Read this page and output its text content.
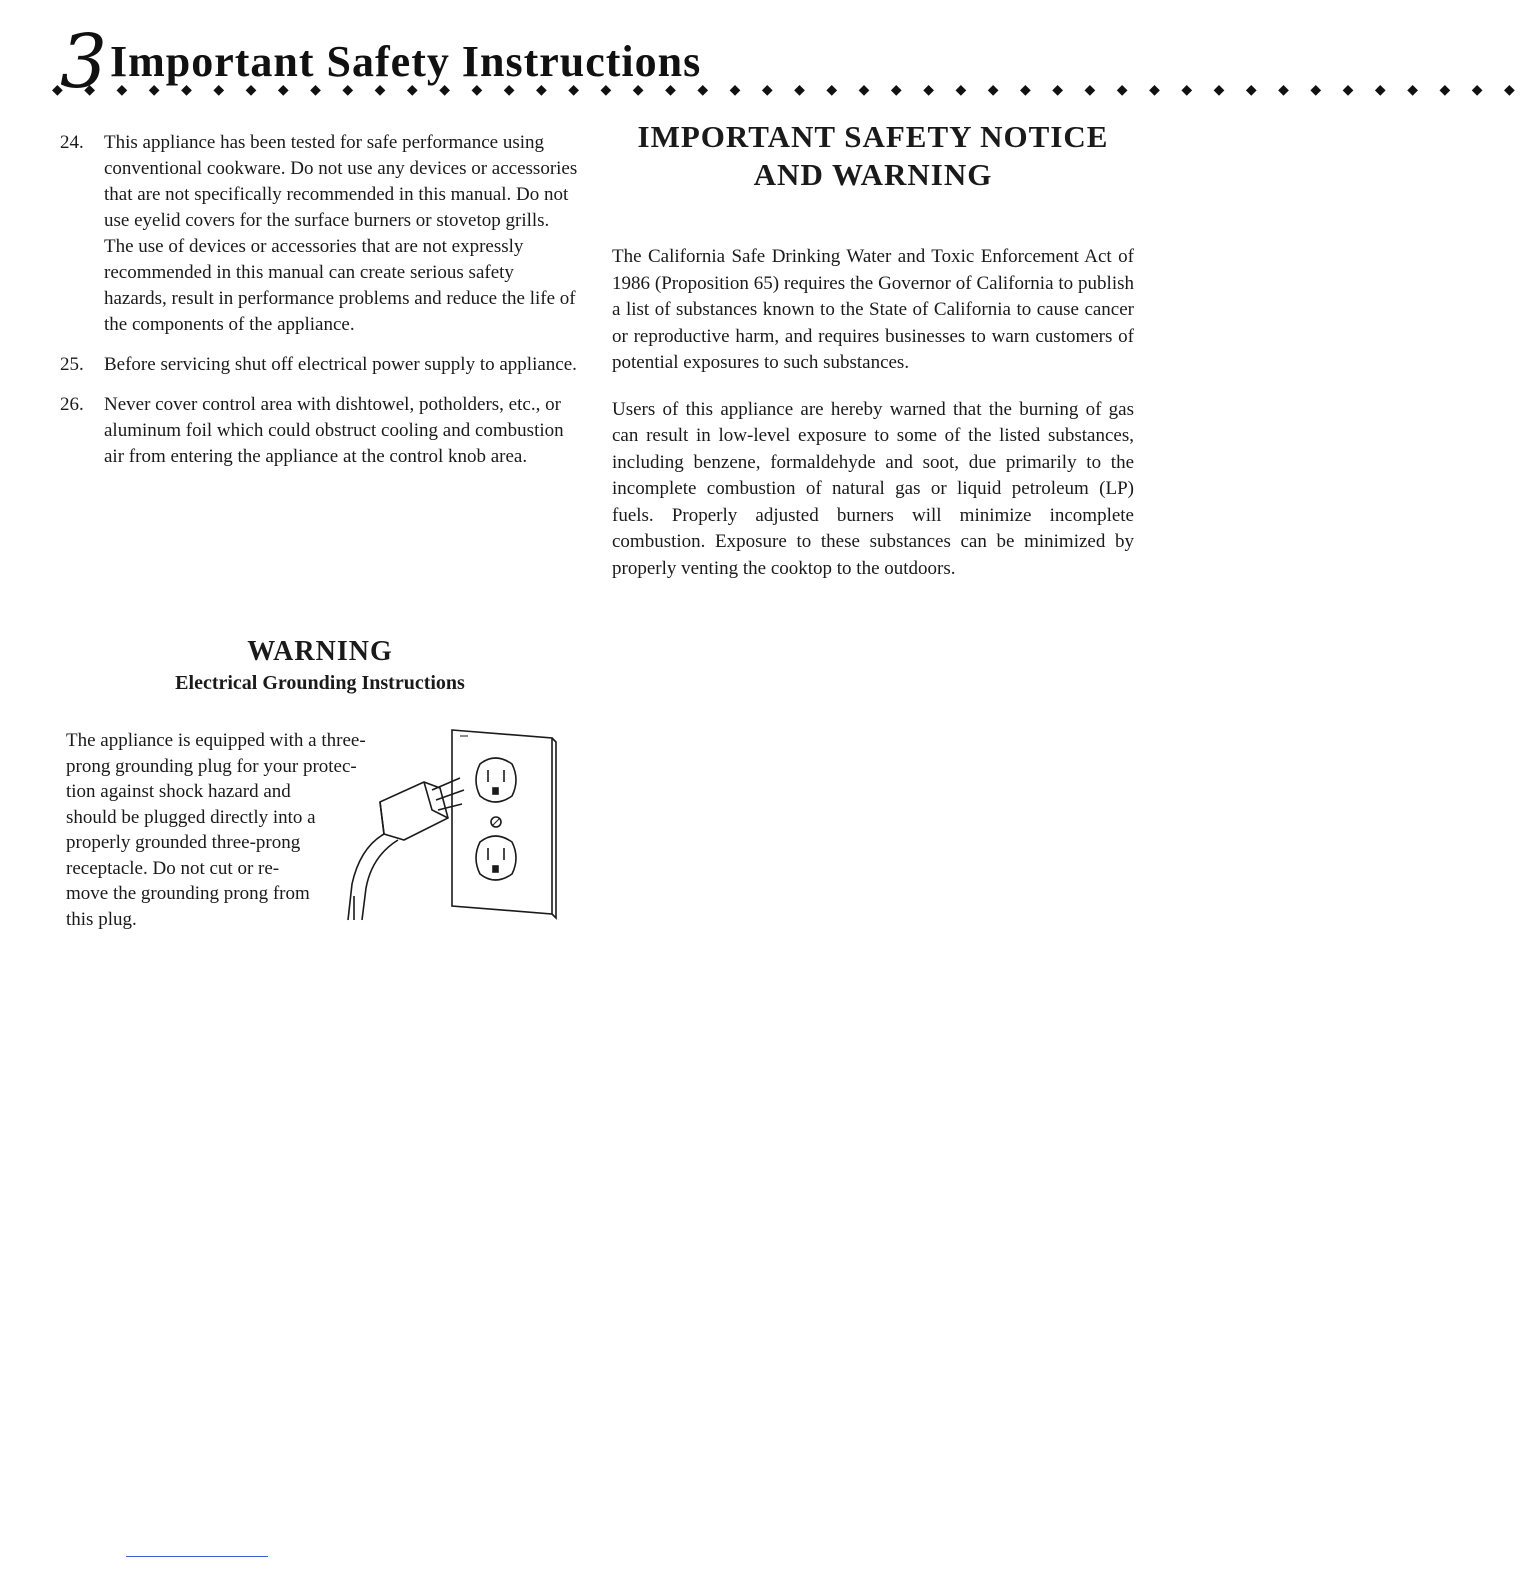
3 Important Safety Instructions
◆ ◆ ◆ ◆ ◆ ◆ ◆ ◆ ◆ ◆ ◆ ◆ ◆ ◆ ◆ ◆ ◆ ◆ ◆ ◆ ◆ ◆ ◆ ◆ ◆ ◆ ◆ ◆ ◆ ◆ ◆ ◆ ◆ ◆ ◆ ◆ ◆ ◆ ◆ ◆ ◆ ◆ ◆ ◆ ◆ ◆
24.	This appliance has been tested for safe performance using conventional cookware. Do not use any devices or accessories that are not specifically recommended in this manual. Do not use eyelid covers for the surface burners or stovetop grills. The use of devices or accessories that are not expressly recommended in this manual can create serious safety hazards, result in performance problems and reduce the life of the components of the appliance.
25.	Before servicing shut off electrical power supply to appliance.
26.	Never cover control area with dishtowel, potholders, etc., or aluminum foil which could obstruct cooling and combustion air from entering the appliance at the control knob area.
WARNING
Electrical Grounding Instructions
The appliance is equipped with a three-
prong grounding plug for your protec-
tion against shock hazard and
should be plugged directly into a
properly grounded three-prong
receptacle. Do not cut or re-
move the grounding prong from
this plug.
IMPORTANT SAFETY NOTICE
AND WARNING

The California Safe Drinking Water and Toxic Enforcement Act of 1986 (Proposition 65) requires the Governor of California to publish a list of substances known to the State of California to cause cancer or reproductive harm, and requires businesses to warn customers of potential exposures to such substances.

Users of this appliance are hereby warned that the burning of gas can result in low-level exposure to some of the listed substances, including benzene, formaldehyde and soot, due primarily to the incomplete combustion of natural gas or liquid petroleum (LP) fuels. Properly adjusted burners will minimize incomplete combustion. Exposure to these substances can be minimized by properly venting the cooktop to the outdoors.
